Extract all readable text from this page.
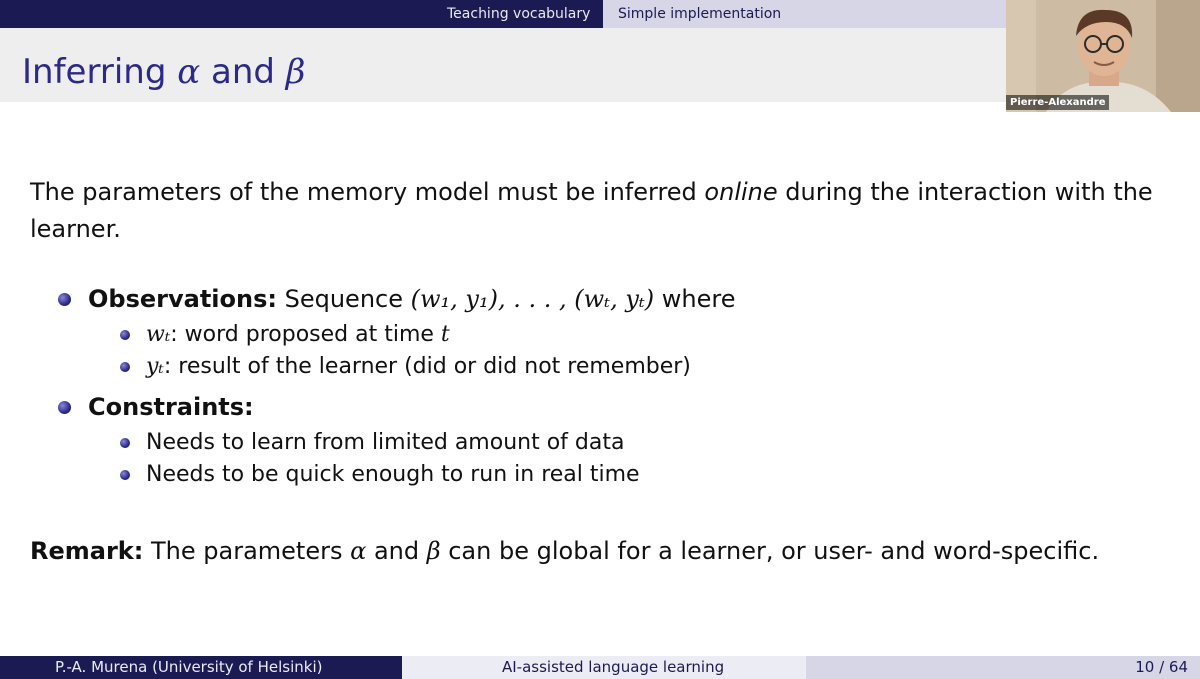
Teaching vocabulary Simple implementation
Inferring α and β
Pierre-Alexandre
The parameters of the memory model must be inferred online during the interaction with the learner.
Observations: Sequence (w₁, y₁), . . . , (wₜ, yₜ) where
wₜ: word proposed at time t
yₜ: result of the learner (did or did not remember)
Constraints:
Needs to learn from limited amount of data
Needs to be quick enough to run in real time
Remark: The parameters α and β can be global for a learner, or user- and word-specific.
P.-A. Murena (University of Helsinki)	AI-assisted language learning	10 / 64
